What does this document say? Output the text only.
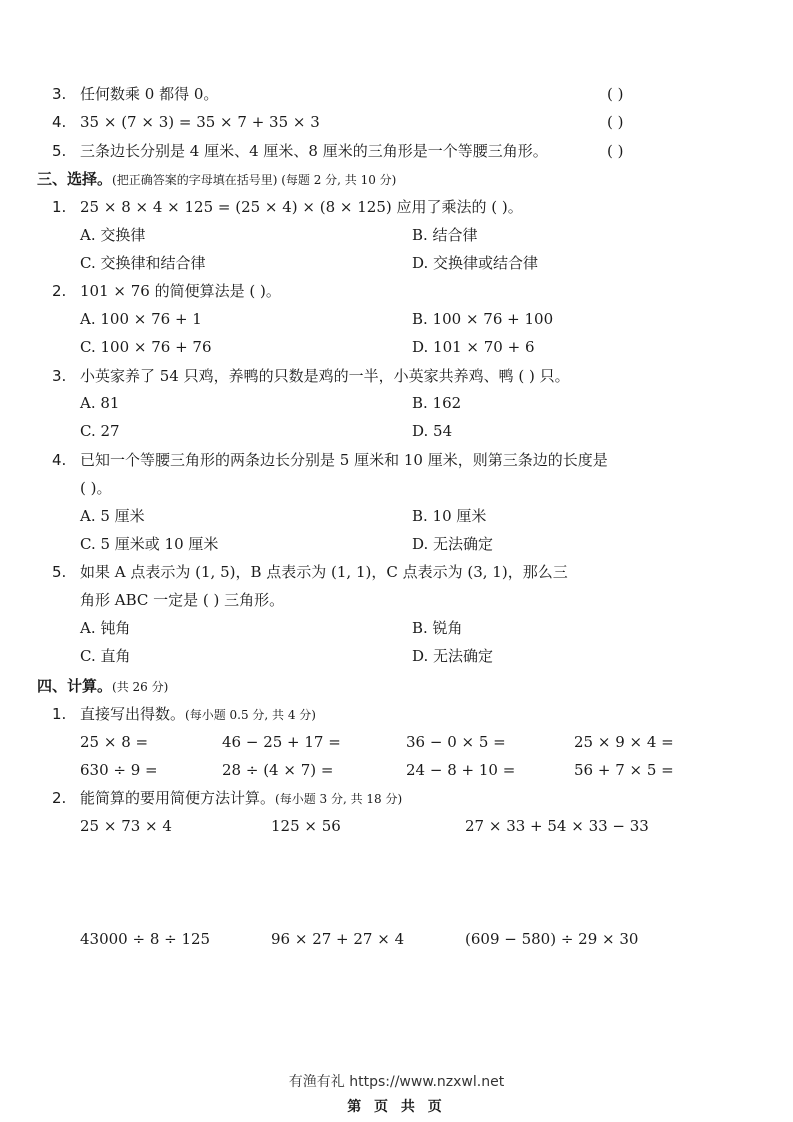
3. 任何数乘 0 都得 0。	( )
4. 35 × (7 × 3) = 35 × 7 + 35 × 3	( )
5. 三条边长分别是 4 厘米、4 厘米、8 厘米的三角形是一个等腰三角形。	( )
三、选择。(把正确答案的字母填在括号里) (每题 2 分, 共 10 分)
1. 25 × 8 × 4 × 125 = (25 × 4) × (8 × 125) 应用了乘法的 ( )。
A. 交换律	B. 结合律
C. 交换律和结合律	D. 交换律或结合律
2. 101 × 76 的简便算法是 ( )。
A. 100 × 76 + 1	B. 100 × 76 + 100
C. 100 × 76 + 76	D. 101 × 70 + 6
3. 小英家养了 54 只鸡，养鸭的只数是鸡的一半，小英家共养鸡、鸭 ( ) 只。
A. 81	B. 162
C. 27	D. 54
4. 已知一个等腰三角形的两条边长分别是 5 厘米和 10 厘米，则第三条边的长度是
( )。
A. 5 厘米	B. 10 厘米
C. 5 厘米或 10 厘米	D. 无法确定
5. 如果 A 点表示为 (1, 5)，B 点表示为 (1, 1)，C 点表示为 (3, 1)，那么三
角形 ABC 一定是 ( ) 三角形。
A. 钝角	B. 锐角
C. 直角	D. 无法确定
四、计算。(共 26 分)
1. 直接写出得数。(每小题 0.5 分, 共 4 分)
25 × 8 =	46 − 25 + 17 =	36 − 0 × 5 =	25 × 9 × 4 =
630 ÷ 9 =	28 ÷ (4 × 7) =	24 − 8 + 10 =	56 + 7 × 5 =
2. 能简算的要用简便方法计算。(每小题 3 分, 共 18 分)
25 × 73 × 4	125 × 56	27 × 33 + 54 × 33 − 33
43000 ÷ 8 ÷ 125	96 × 27 + 27 × 4	(609 − 580) ÷ 29 × 30
有渔有礼 https://www.nzxwl.net
第 页 共 页
